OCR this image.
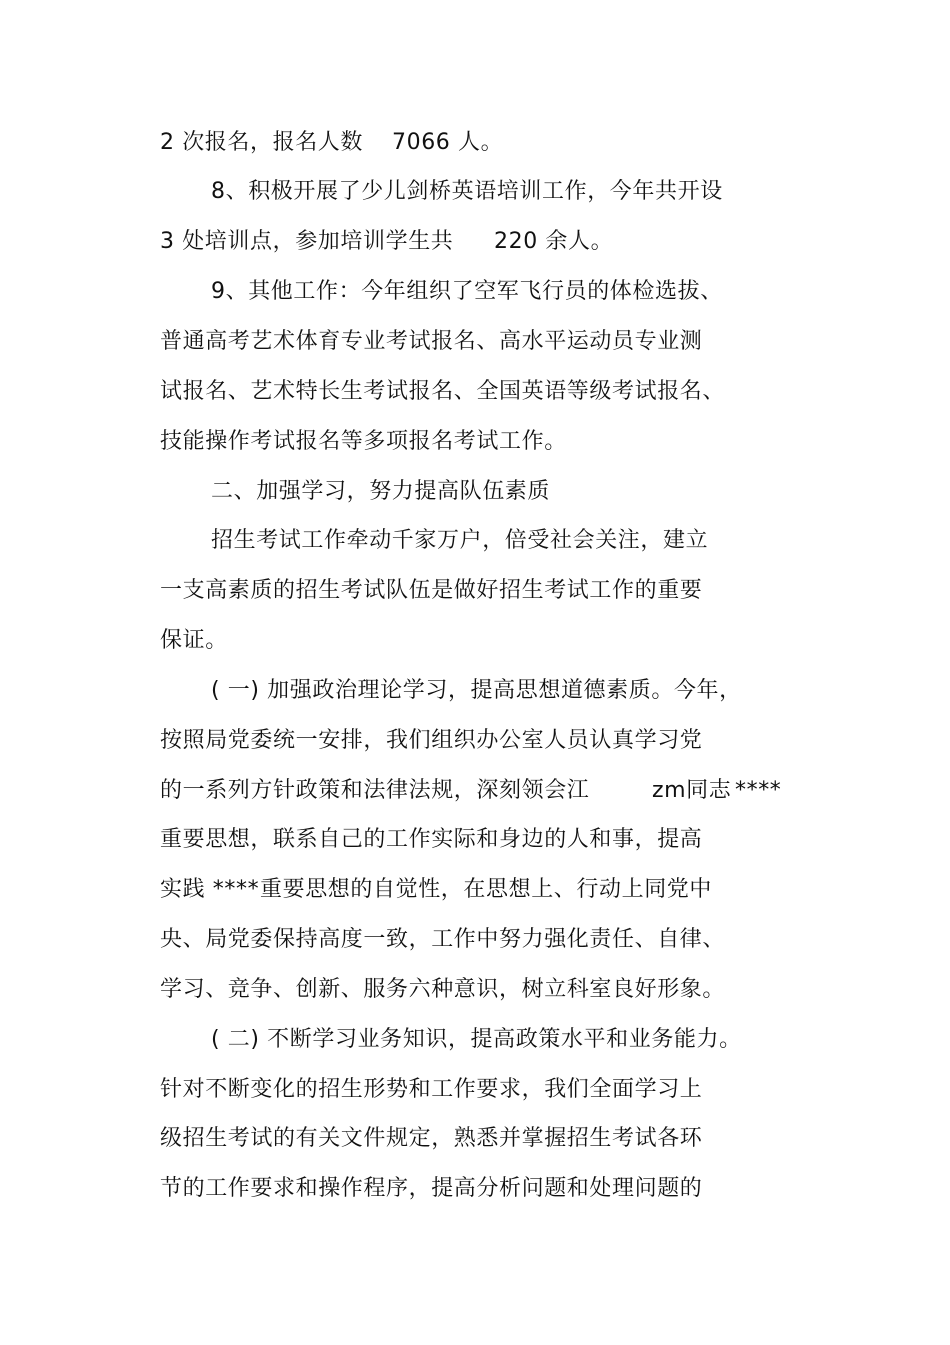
2 次报名，报名人数 7066 人。
8、积极开展了少儿剑桥英语培训工作，今年共开设
3 处培训点，参加培训学生共 220 余人。
9、其他工作：今年组织了空军飞行员的体检选拔、
普通高考艺术体育专业考试报名、高水平运动员专业测
试报名、艺术特长生考试报名、全国英语等级考试报名、
技能操作考试报名等多项报名考试工作。
二、加强学习，努力提高队伍素质
招生考试工作牵动千家万户，倍受社会关注，建立
一支高素质的招生考试队伍是做好招生考试工作的重要
保证。
( 一) 加强政治理论学习，提高思想道德素质。今年，
按照局党委统一安排，我们组织办公室人员认真学习党
的一系列方针政策和法律法规，深刻领会江	zm同志 ****
重要思想，联系自己的工作实际和身边的人和事，提高
实践 **** 重要思想的自觉性，在思想上、行动上同党中
央、局党委保持高度一致，工作中努力强化责任、自律、
学习、竞争、创新、服务六种意识，树立科室良好形象。
( 二) 不断学习业务知识，提高政策水平和业务能力。
针对不断变化的招生形势和工作要求，我们全面学习上
级招生考试的有关文件规定，熟悉并掌握招生考试各环
节的工作要求和操作程序，提高分析问题和处理问题的
